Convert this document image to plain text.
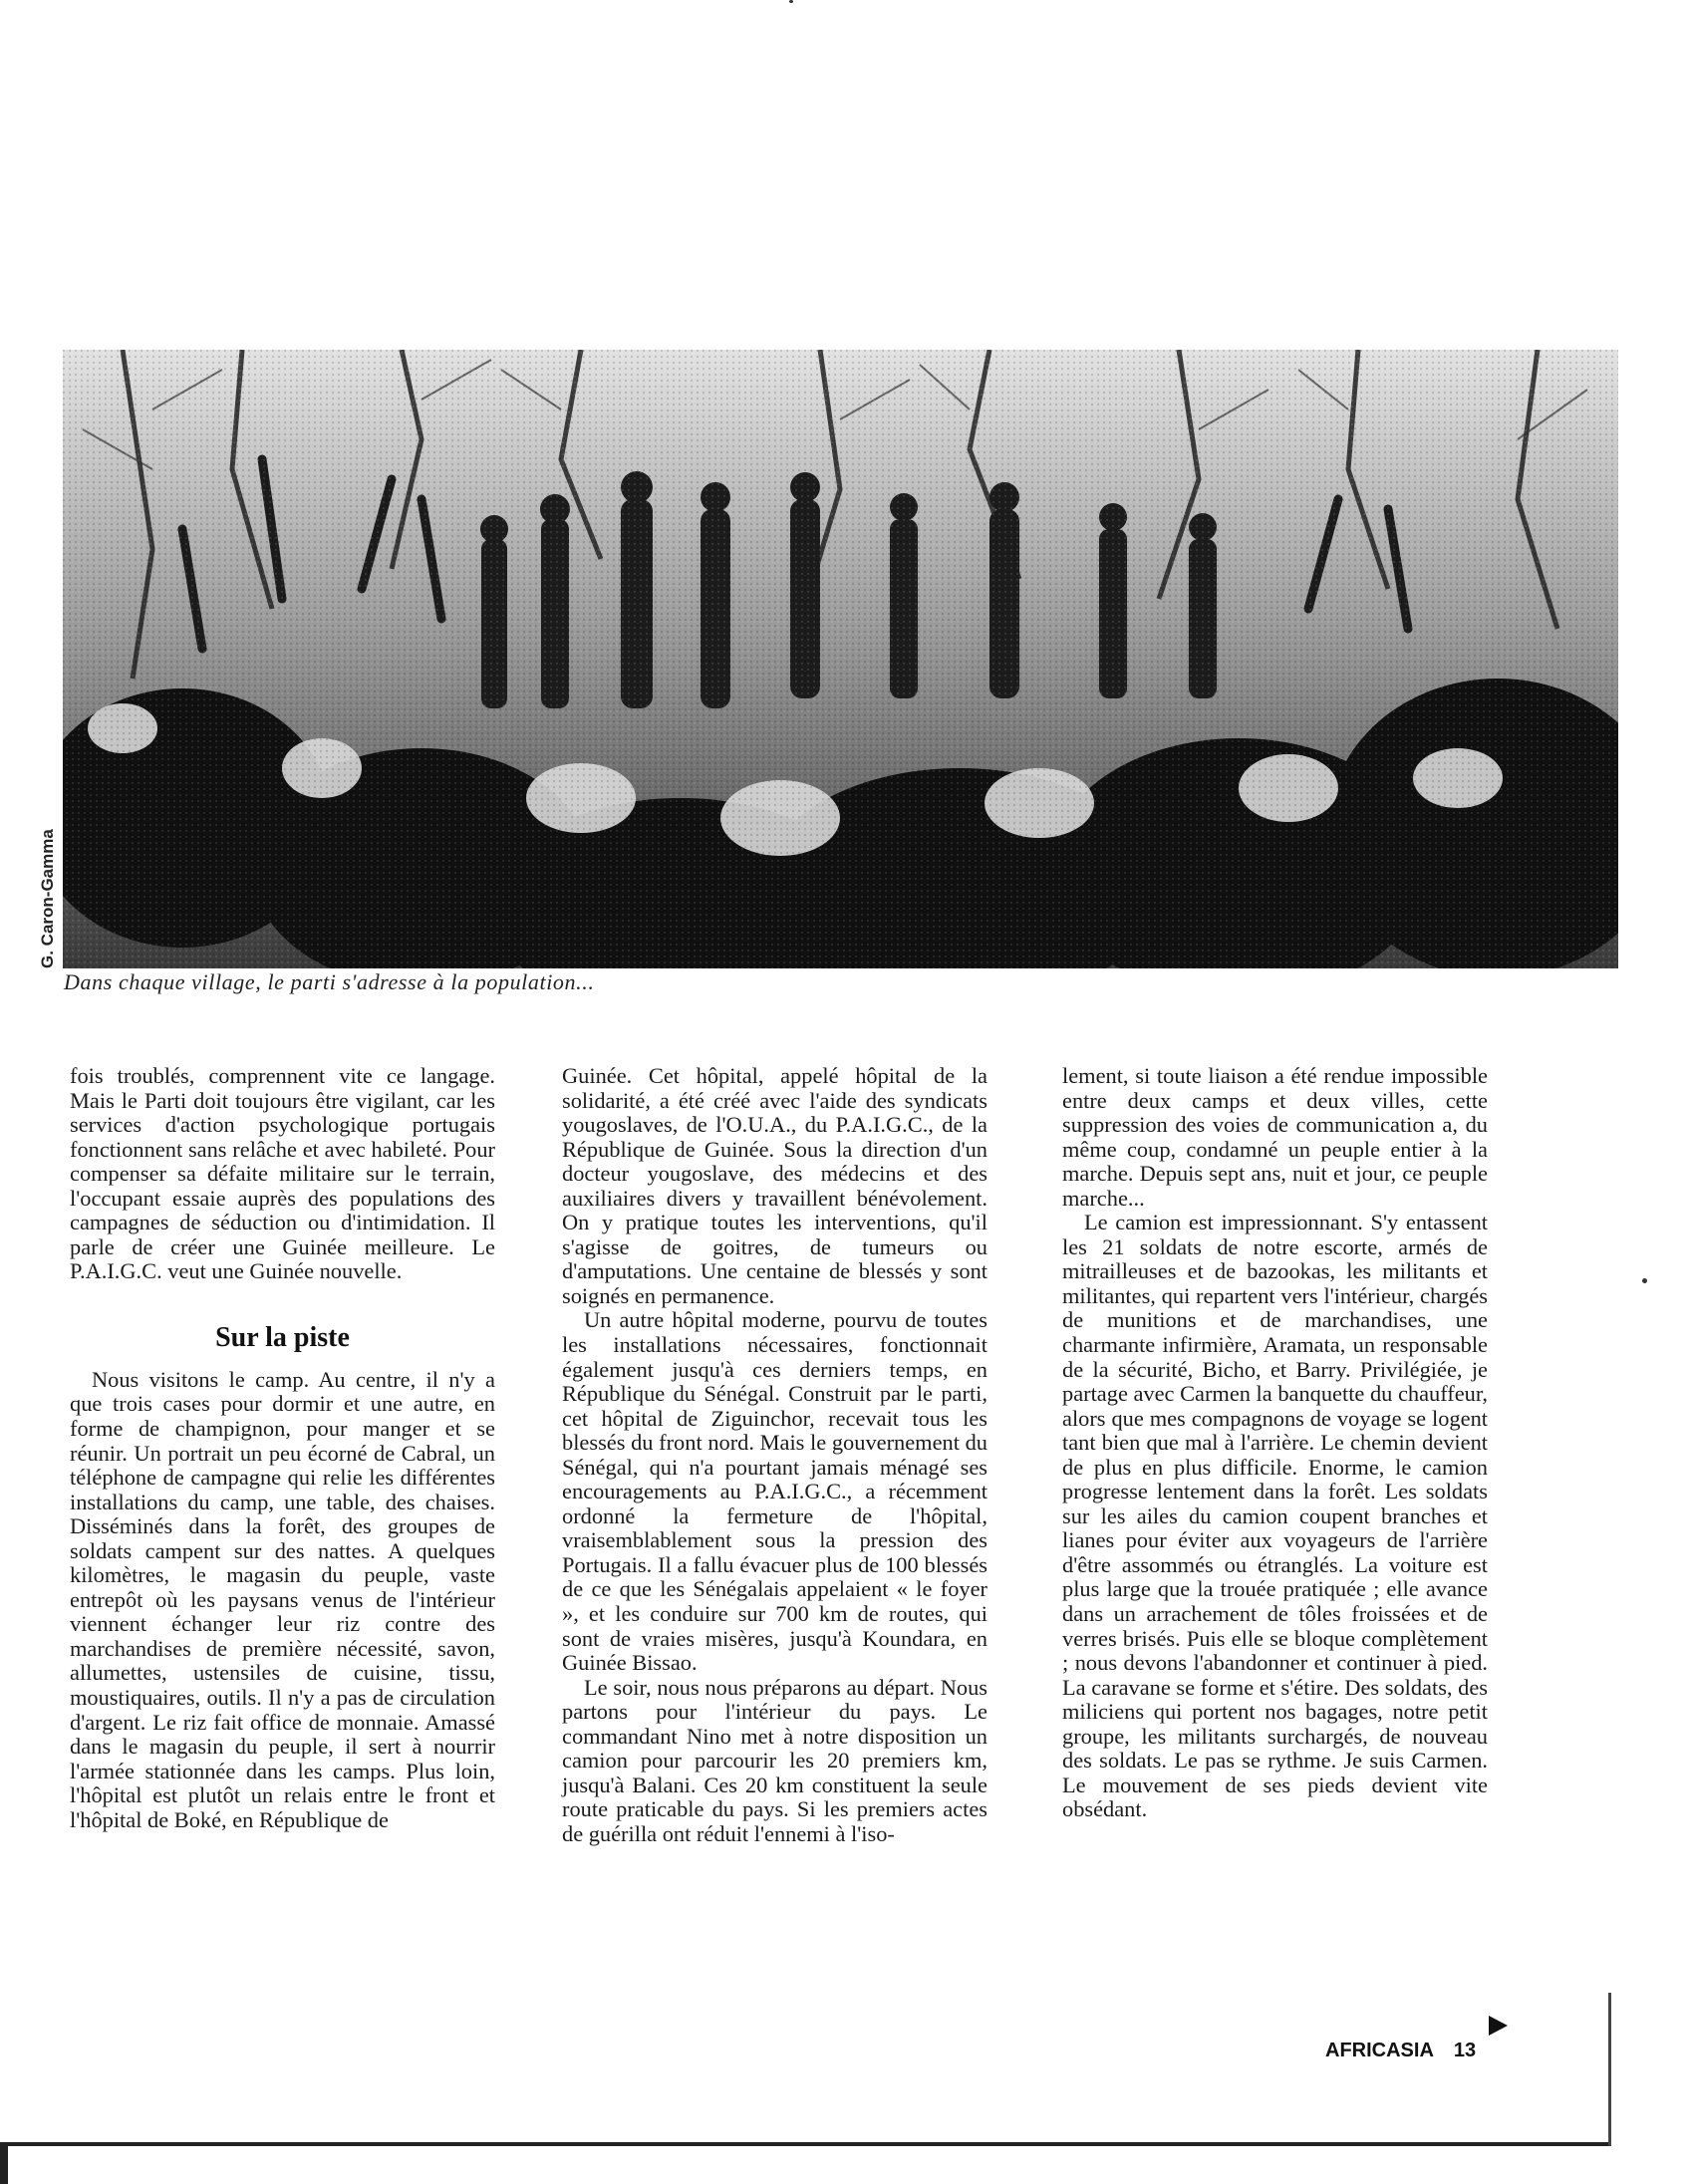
G. Caron-Gamma
Dans chaque village, le parti s'adresse à la population...

fois troublés, comprennent vite ce langage. Mais le Parti doit toujours être vigilant, car les services d'action psychologique portugais fonctionnent sans relâche et avec habileté. Pour compenser sa défaite militaire sur le terrain, l'occupant essaie auprès des populations des campagnes de séduction ou d'intimidation. Il parle de créer une Guinée meilleure. Le P.A.I.G.C. veut une Guinée nouvelle.

Sur la piste

Nous visitons le camp. Au centre, il n'y a que trois cases pour dormir et une autre, en forme de champignon, pour manger et se réunir. Un portrait un peu écorné de Cabral, un téléphone de campagne qui relie les différentes installations du camp, une table, des chaises. Disséminés dans la forêt, des groupes de soldats campent sur des nattes. A quelques kilomètres, le magasin du peuple, vaste entrepôt où les paysans venus de l'intérieur viennent échanger leur riz contre des marchandises de première nécessité, savon, allumettes, ustensiles de cuisine, tissu, moustiquaires, outils. Il n'y a pas de circulation d'argent. Le riz fait office de monnaie. Amassé dans le magasin du peuple, il sert à nourrir l'armée stationnée dans les camps. Plus loin, l'hôpital est plutôt un relais entre le front et l'hôpital de Boké, en République de

Guinée. Cet hôpital, appelé hôpital de la solidarité, a été créé avec l'aide des syndicats yougoslaves, de l'O.U.A., du P.A.I.G.C., de la République de Guinée. Sous la direction d'un docteur yougoslave, des médecins et des auxiliaires divers y travaillent bénévolement. On y pratique toutes les interventions, qu'il s'agisse de goitres, de tumeurs ou d'amputations. Une centaine de blessés y sont soignés en permanence.

Un autre hôpital moderne, pourvu de toutes les installations nécessaires, fonctionnait également jusqu'à ces derniers temps, en République du Sénégal. Construit par le parti, cet hôpital de Ziguinchor, recevait tous les blessés du front nord. Mais le gouvernement du Sénégal, qui n'a pourtant jamais ménagé ses encouragements au P.A.I.G.C., a récemment ordonné la fermeture de l'hôpital, vraisemblablement sous la pression des Portugais. Il a fallu évacuer plus de 100 blessés de ce que les Sénégalais appelaient « le foyer », et les conduire sur 700 km de routes, qui sont de vraies misères, jusqu'à Koundara, en Guinée Bissao.

Le soir, nous nous préparons au départ. Nous partons pour l'intérieur du pays. Le commandant Nino met à notre disposition un camion pour parcourir les 20 premiers km, jusqu'à Balani. Ces 20 km constituent la seule route praticable du pays. Si les premiers actes de guérilla ont réduit l'ennemi à l'iso-

lement, si toute liaison a été rendue impossible entre deux camps et deux villes, cette suppression des voies de communication a, du même coup, condamné un peuple entier à la marche. Depuis sept ans, nuit et jour, ce peuple marche...

Le camion est impressionnant. S'y entassent les 21 soldats de notre escorte, armés de mitrailleuses et de bazookas, les militants et militantes, qui repartent vers l'intérieur, chargés de munitions et de marchandises, une charmante infirmière, Aramata, un responsable de la sécurité, Bicho, et Barry. Privilégiée, je partage avec Carmen la banquette du chauffeur, alors que mes compagnons de voyage se logent tant bien que mal à l'arrière. Le chemin devient de plus en plus difficile. Enorme, le camion progresse lentement dans la forêt. Les soldats sur les ailes du camion coupent branches et lianes pour éviter aux voyageurs de l'arrière d'être assommés ou étranglés. La voiture est plus large que la trouée pratiquée ; elle avance dans un arrachement de tôles froissées et de verres brisés. Puis elle se bloque complètement ; nous devons l'abandonner et continuer à pied. La caravane se forme et s'étire. Des soldats, des miliciens qui portent nos bagages, notre petit groupe, les militants surchargés, de nouveau des soldats. Le pas se rythme. Je suis Carmen. Le mouvement de ses pieds devient vite obsédant.

AFRICASIA 13
